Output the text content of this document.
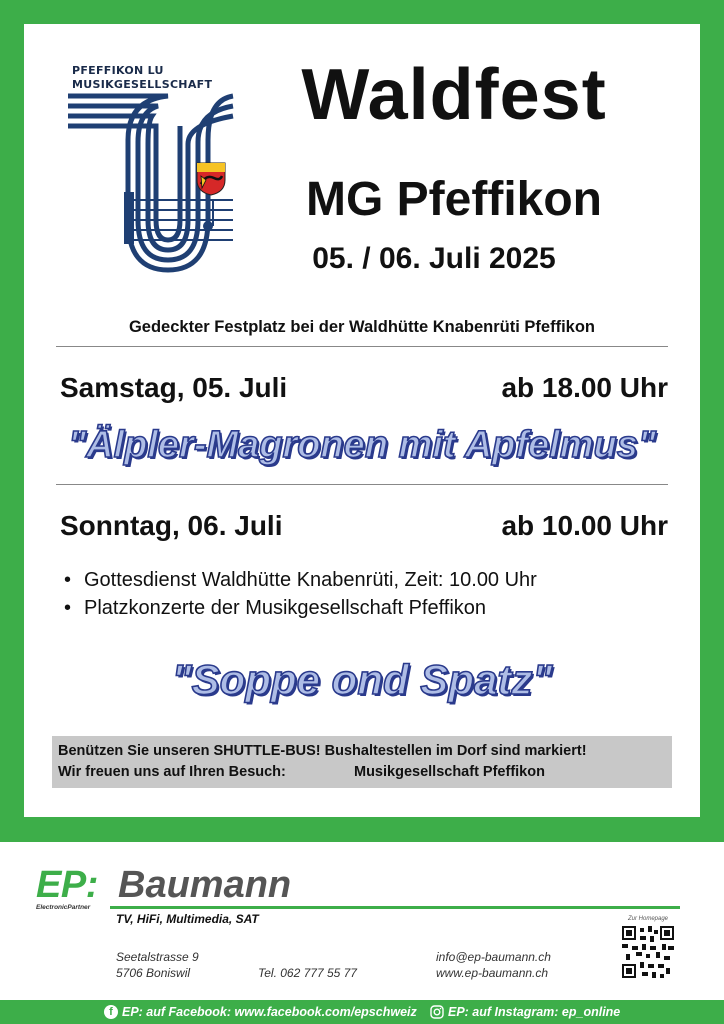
PFEFFIKON LU
MUSIKGESELLSCHAFT	Waldfest
MG Pfeffikon
05. / 06. Juli 2025
Gedeckter Festplatz bei der Waldhütte Knabenrüti Pfeffikon
Samstag, 05. Juli	ab 18.00 Uhr
"Älpler-Magronen mit Apfelmus"
Sonntag, 06. Juli	ab 10.00 Uhr
• Gottesdienst Waldhütte Knabenrüti, Zeit: 10.00 Uhr
• Platzkonzerte der Musikgesellschaft Pfeffikon
"Soppe ond Spatz"
Benützen Sie unseren SHUTTLE-BUS! Bushaltestellen im Dorf sind markiert!
Wir freuen uns auf Ihren Besuch:	Musikgesellschaft Pfeffikon
EP: Baumann
ElectronicPartner
TV, HiFi, Multimedia, SAT
Seetalstrasse 9
5706 Boniswil	Tel. 062 777 55 77
info@ep-baumann.ch
www.ep-baumann.ch
Zur Homepage
f EP: auf Facebook: www.facebook.com/epschweiz	EP: auf Instagram: ep_online
